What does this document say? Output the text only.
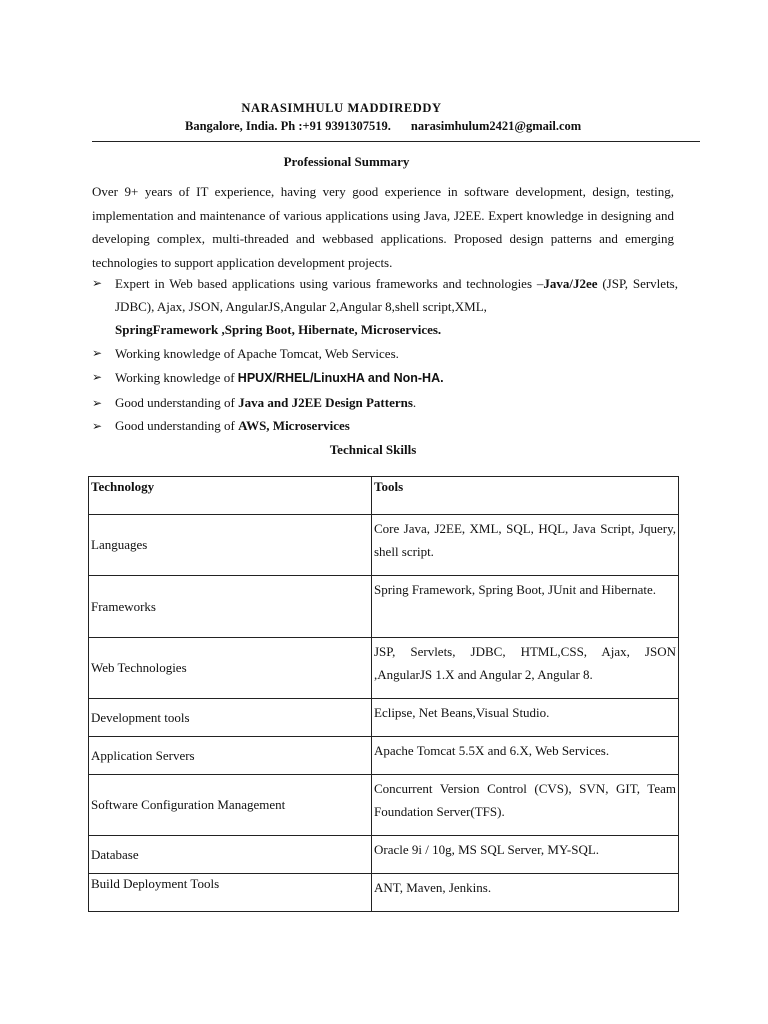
NARASIMHULU MADDIREDDY
Bangalore, India. Ph :+91 9391307519. narasimhulum2421@gmail.com
Professional Summary

Over 9+ years of IT experience, having very good experience in software development, design, testing, implementation and maintenance of various applications using Java, J2EE. Expert knowledge in designing and developing complex, multi-threaded and webbased applications. Proposed design patterns and emerging technologies to support application development projects.

➢ Expert in Web based applications using various frameworks and technologies –Java/J2ee (JSP, Servlets, JDBC), Ajax, JSON, AngularJS,Angular 2,Angular 8,shell script,XML,
SpringFramework ,Spring Boot, Hibernate, Microservices.
➢ Working knowledge of Apache Tomcat, Web Services.
➢ Working knowledge of HPUX/RHEL/LinuxHA and Non-HA.
➢ Good understanding of Java and J2EE Design Patterns.
➢ Good understanding of AWS, Microservices
Technical Skills
Technology	Tools
Languages	Core Java, J2EE, XML, SQL, HQL, Java Script, Jquery, shell script.
Frameworks	Spring Framework, Spring Boot, JUnit and Hibernate.
Web Technologies	JSP, Servlets, JDBC, HTML,CSS, Ajax, JSON ,AngularJS 1.X and Angular 2, Angular 8.
Development tools	Eclipse, Net Beans,Visual Studio.
Application Servers	Apache Tomcat 5.5X and 6.X, Web Services.
Software Configuration Management	Concurrent Version Control (CVS), SVN, GIT, Team Foundation Server(TFS).
Database	Oracle 9i / 10g, MS SQL Server, MY-SQL.
Build Deployment Tools	ANT, Maven, Jenkins.
